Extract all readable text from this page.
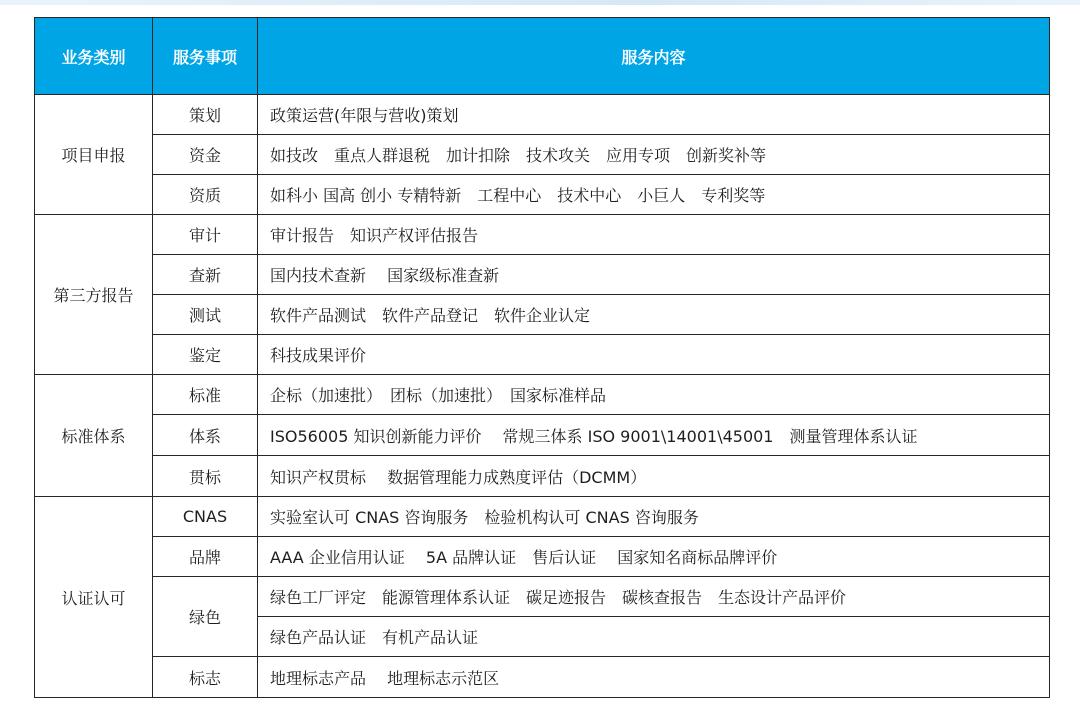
业务类别	服务事项	服务内容
项目申报	策划	政策运营(年限与营收)策划
	资金	如技改　重点人群退税　加计扣除　技术攻关　应用专项　创新奖补等
	资质	如科小 国高 创小 专精特新　工程中心　技术中心　小巨人　专利奖等
第三方报告	审计	审计报告　知识产权评估报告
	查新	国内技术查新　 国家级标准查新
	测试	软件产品测试　软件产品登记　软件企业认定
	鉴定	科技成果评价
标准体系	标准	企标（加速批）　团标（加速批）　国家标准样品
	体系	ISO56005 知识创新能力评价　 常规三体系 ISO 9001\14001\45001　测量管理体系认证
	贯标	知识产权贯标　 数据管理能力成熟度评估（DCMM）
认证认可	CNAS	实验室认可 CNAS 咨询服务　检验机构认可 CNAS 咨询服务
	品牌	AAA 企业信用认证　 5A 品牌认证　售后认证　 国家知名商标品牌评价
	绿色	绿色工厂评定　能源管理体系认证　碳足迹报告　碳核查报告　生态设计产品评价
		绿色产品认证　有机产品认证
	标志	地理标志产品　 地理标志示范区
